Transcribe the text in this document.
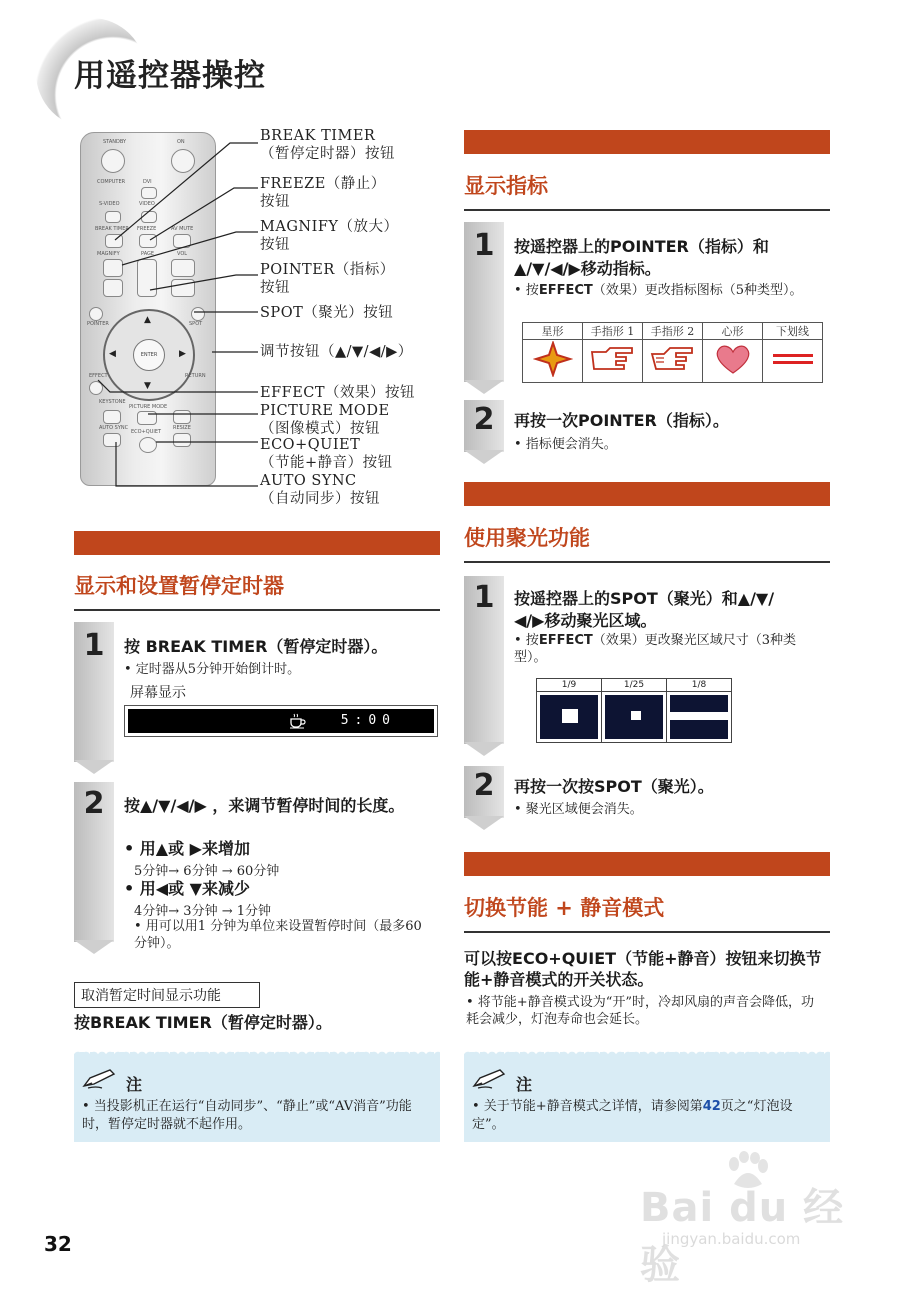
用遥控器操控
STANDBY	ON
COMPUTER	DVI
S-VIDEO	VIDEO
BREAK TIMER FREEZE	AV MUTE
MAGNIFY	PAGE	VOL
POINTER	SPOT
▲
▼
◀	▶
ENTER
EFFECT	RETURN
KEYSTONE
PICTURE MODE
AUTO SYNC
ECO+QUIET
RESIZE
BREAK TIMER
（暂停定时器）按钮
FREEZE（静止）
按钮
MAGNIFY（放大）
按钮
POINTER（指标）
按钮
SPOT（聚光）按钮
调节按钮（▲/▼/◀/▶）
EFFECT（效果）按钮
PICTURE MODE
（图像模式）按钮
ECO+QUIET
（节能+静音）按钮
AUTO SYNC
（自动同步）按钮
显示和设置暂停定时器
1	按 BREAK TIMER（暂停定时器）。
• 定时器从5分钟开始倒计时。
屏幕显示
5:00
2	按▲/▼/◀/▶ ，来调节暂停时间的长度。
• 用▲或 ▶来增加
5分钟→ 6分钟 → 60分钟
• 用◀或 ▼来减少
4分钟→ 3分钟 → 1分钟
• 用可以用1 分钟为单位来设置暂停时间（最多60分钟）。
取消暂定时间显示功能
按BREAK TIMER（暂停定时器）。
注
• 当投影机正在运行“自动同步”、“静止”或“AV消音”功能时，暂停定时器就不起作用。
显示指标
1	按遥控器上的POINTER（指标）和
▲/▼/◀/▶移动指标。
• 按EFFECT（效果）更改指标图标（5种类型）。
星形	手指形 1	手指形 2	心形	下划线

2	再按一次POINTER（指标）。
• 指标便会消失。
使用聚光功能
1	按遥控器上的SPOT（聚光）和▲/▼/
◀/▶移动聚光区域。
• 按EFFECT（效果）更改聚光区域尺寸（3种类型）。
1/9	1/25	1/8

2	再按一次按SPOT（聚光）。
• 聚光区域便会消失。
切换节能 + 静音模式
可以按ECO+QUIET（节能+静音）按钮来切换节能+静音模式的开关状态。
• 将节能+静音模式设为“开”时，冷却风扇的声音会降低，功耗会减少，灯泡寿命也会延长。
注
• 关于节能+静音模式之详情，请参阅第42页之“灯泡设定”。
32
Bai du 经验
jingyan.baidu.com
